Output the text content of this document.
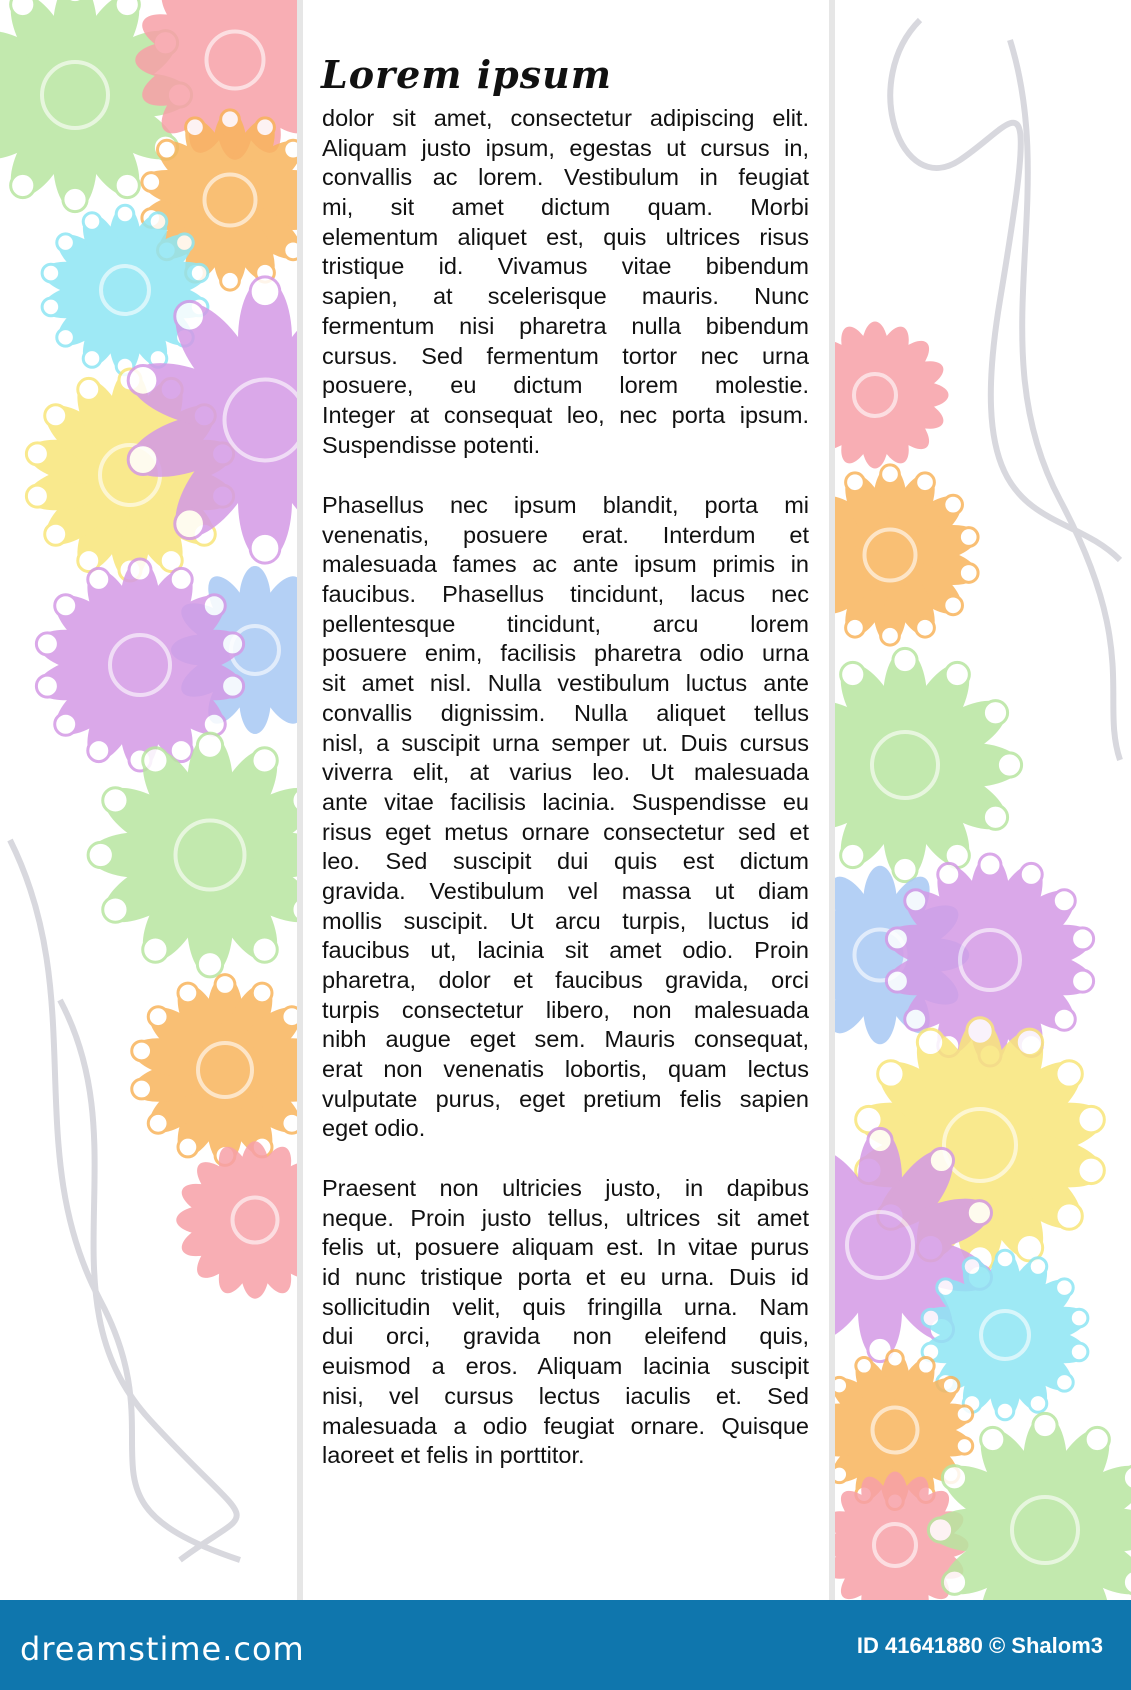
Lorem ipsum
dolor sit amet, consectetur adipiscing elit.
Aliquam justo ipsum, egestas ut cursus in,
convallis ac lorem. Vestibulum in feugiat
mi, sit amet dictum quam. Morbi
elementum aliquet est, quis ultrices risus
tristique id. Vivamus vitae bibendum
sapien, at scelerisque mauris. Nunc
fermentum nisi pharetra nulla bibendum
cursus. Sed fermentum tortor nec urna
posuere, eu dictum lorem molestie.
Integer at consequat leo, nec porta ipsum.
Suspendisse potenti.
Phasellus nec ipsum blandit, porta mi
venenatis, posuere erat. Interdum et
malesuada fames ac ante ipsum primis in
faucibus. Phasellus tincidunt, lacus nec
pellentesque tincidunt, arcu lorem
posuere enim, facilisis pharetra odio urna
sit amet nisl. Nulla vestibulum luctus ante
convallis dignissim. Nulla aliquet tellus
nisl, a suscipit urna semper ut. Duis cursus
viverra elit, at varius leo. Ut malesuada
ante vitae facilisis lacinia. Suspendisse eu
risus eget metus ornare consectetur sed et
leo. Sed suscipit dui quis est dictum
gravida. Vestibulum vel massa ut diam
mollis suscipit. Ut arcu turpis, luctus id
faucibus ut, lacinia sit amet odio. Proin
pharetra, dolor et faucibus gravida, orci
turpis consectetur libero, non malesuada
nibh augue eget sem. Mauris consequat,
erat non venenatis lobortis, quam lectus
vulputate purus, eget pretium felis sapien
eget odio.
Praesent non ultricies justo, in dapibus
neque. Proin justo tellus, ultrices sit amet
felis ut, posuere aliquam est. In vitae purus
id nunc tristique porta et eu urna. Duis id
sollicitudin velit, quis fringilla urna. Nam
dui orci, gravida non eleifend quis,
euismod a eros. Aliquam lacinia suscipit
nisi, vel cursus lectus iaculis et. Sed
malesuada a odio feugiat ornare. Quisque
laoreet et felis in porttitor.
dreamstime.com	ID 41641880 © Shalom3
